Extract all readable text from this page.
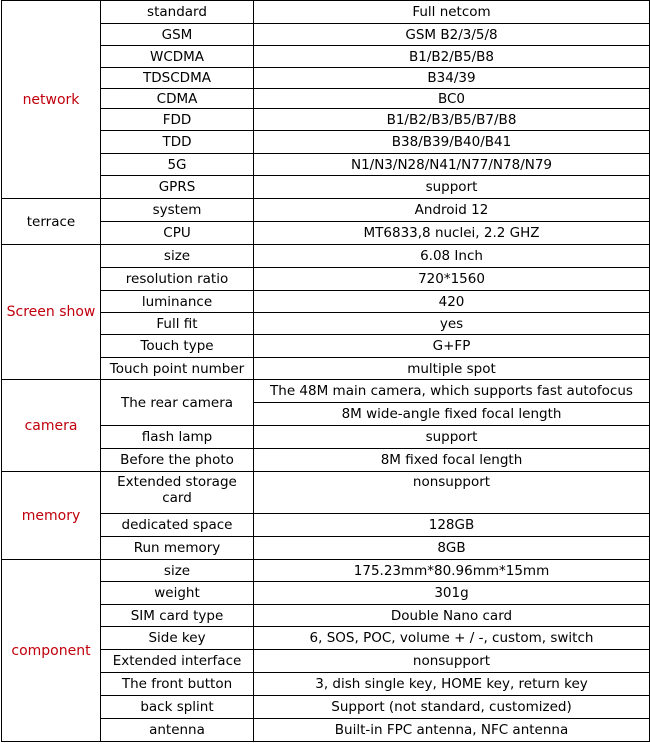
network	standard	Full netcom
	GSM	GSM B2/3/5/8
	WCDMA	B1/B2/B5/B8
	TDSCDMA	B34/39
	CDMA	BC0
	FDD	B1/B2/B3/B5/B7/B8
	TDD	B38/B39/B40/B41
	5G	N1/N3/N28/N41/N77/N78/N79
	GPRS	support
terrace	system	Android 12
	CPU	MT6833,8 nuclei, 2.2 GHZ
Screen show	size	6.08 Inch
	resolution ratio	720*1560
	luminance	420
	Full fit	yes
	Touch type	G+FP
	Touch point number	multiple spot
camera	The rear camera	The 48M main camera, which supports fast autofocus
		8M wide-angle fixed focal length
	flash lamp	support
	Before the photo	8M fixed focal length
memory	Extended storage card	nonsupport
	dedicated space	128GB
	Run memory	8GB
component	size	175.23mm*80.96mm*15mm
	weight	301g
	SIM card type	Double Nano card
	Side key	6, SOS, POC, volume + / -, custom, switch
	Extended interface	nonsupport
	The front button	3, dish single key, HOME key, return key
	back splint	Support (not standard, customized)
	antenna	Built-in FPC antenna, NFC antenna
